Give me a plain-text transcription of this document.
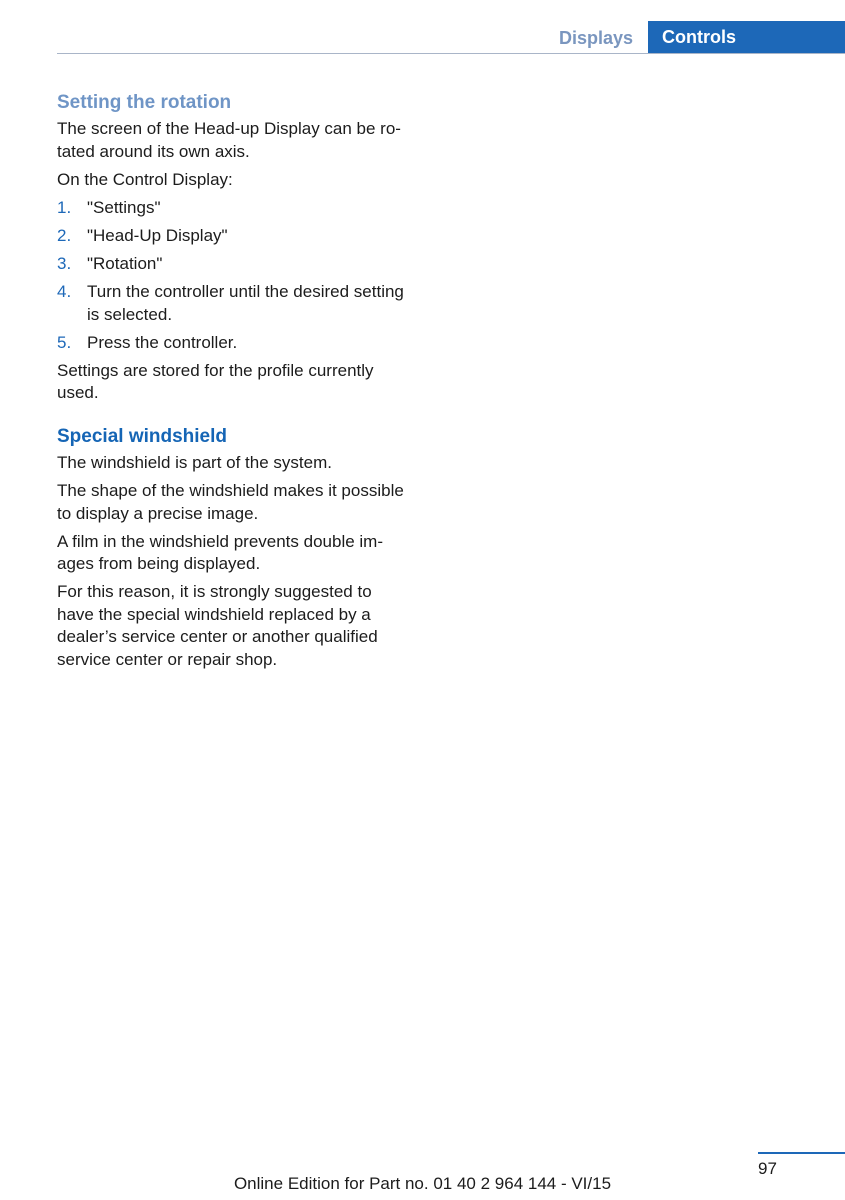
Displays	Controls
Setting the rotation

The screen of the Head-up Display can be ro-
tated around its own axis.

On the Control Display:

1. "Settings"
2. "Head-Up Display"
3. "Rotation"
4. Turn the controller until the desired setting
is selected.
5. Press the controller.

Settings are stored for the profile currently
used.

Special windshield

The windshield is part of the system.

The shape of the windshield makes it possible
to display a precise image.

A film in the windshield prevents double im-
ages from being displayed.

For this reason, it is strongly suggested to
have the special windshield replaced by a
dealer’s service center or another qualified
service center or repair shop.

97
Online Edition for Part no. 01 40 2 964 144 - VI/15
